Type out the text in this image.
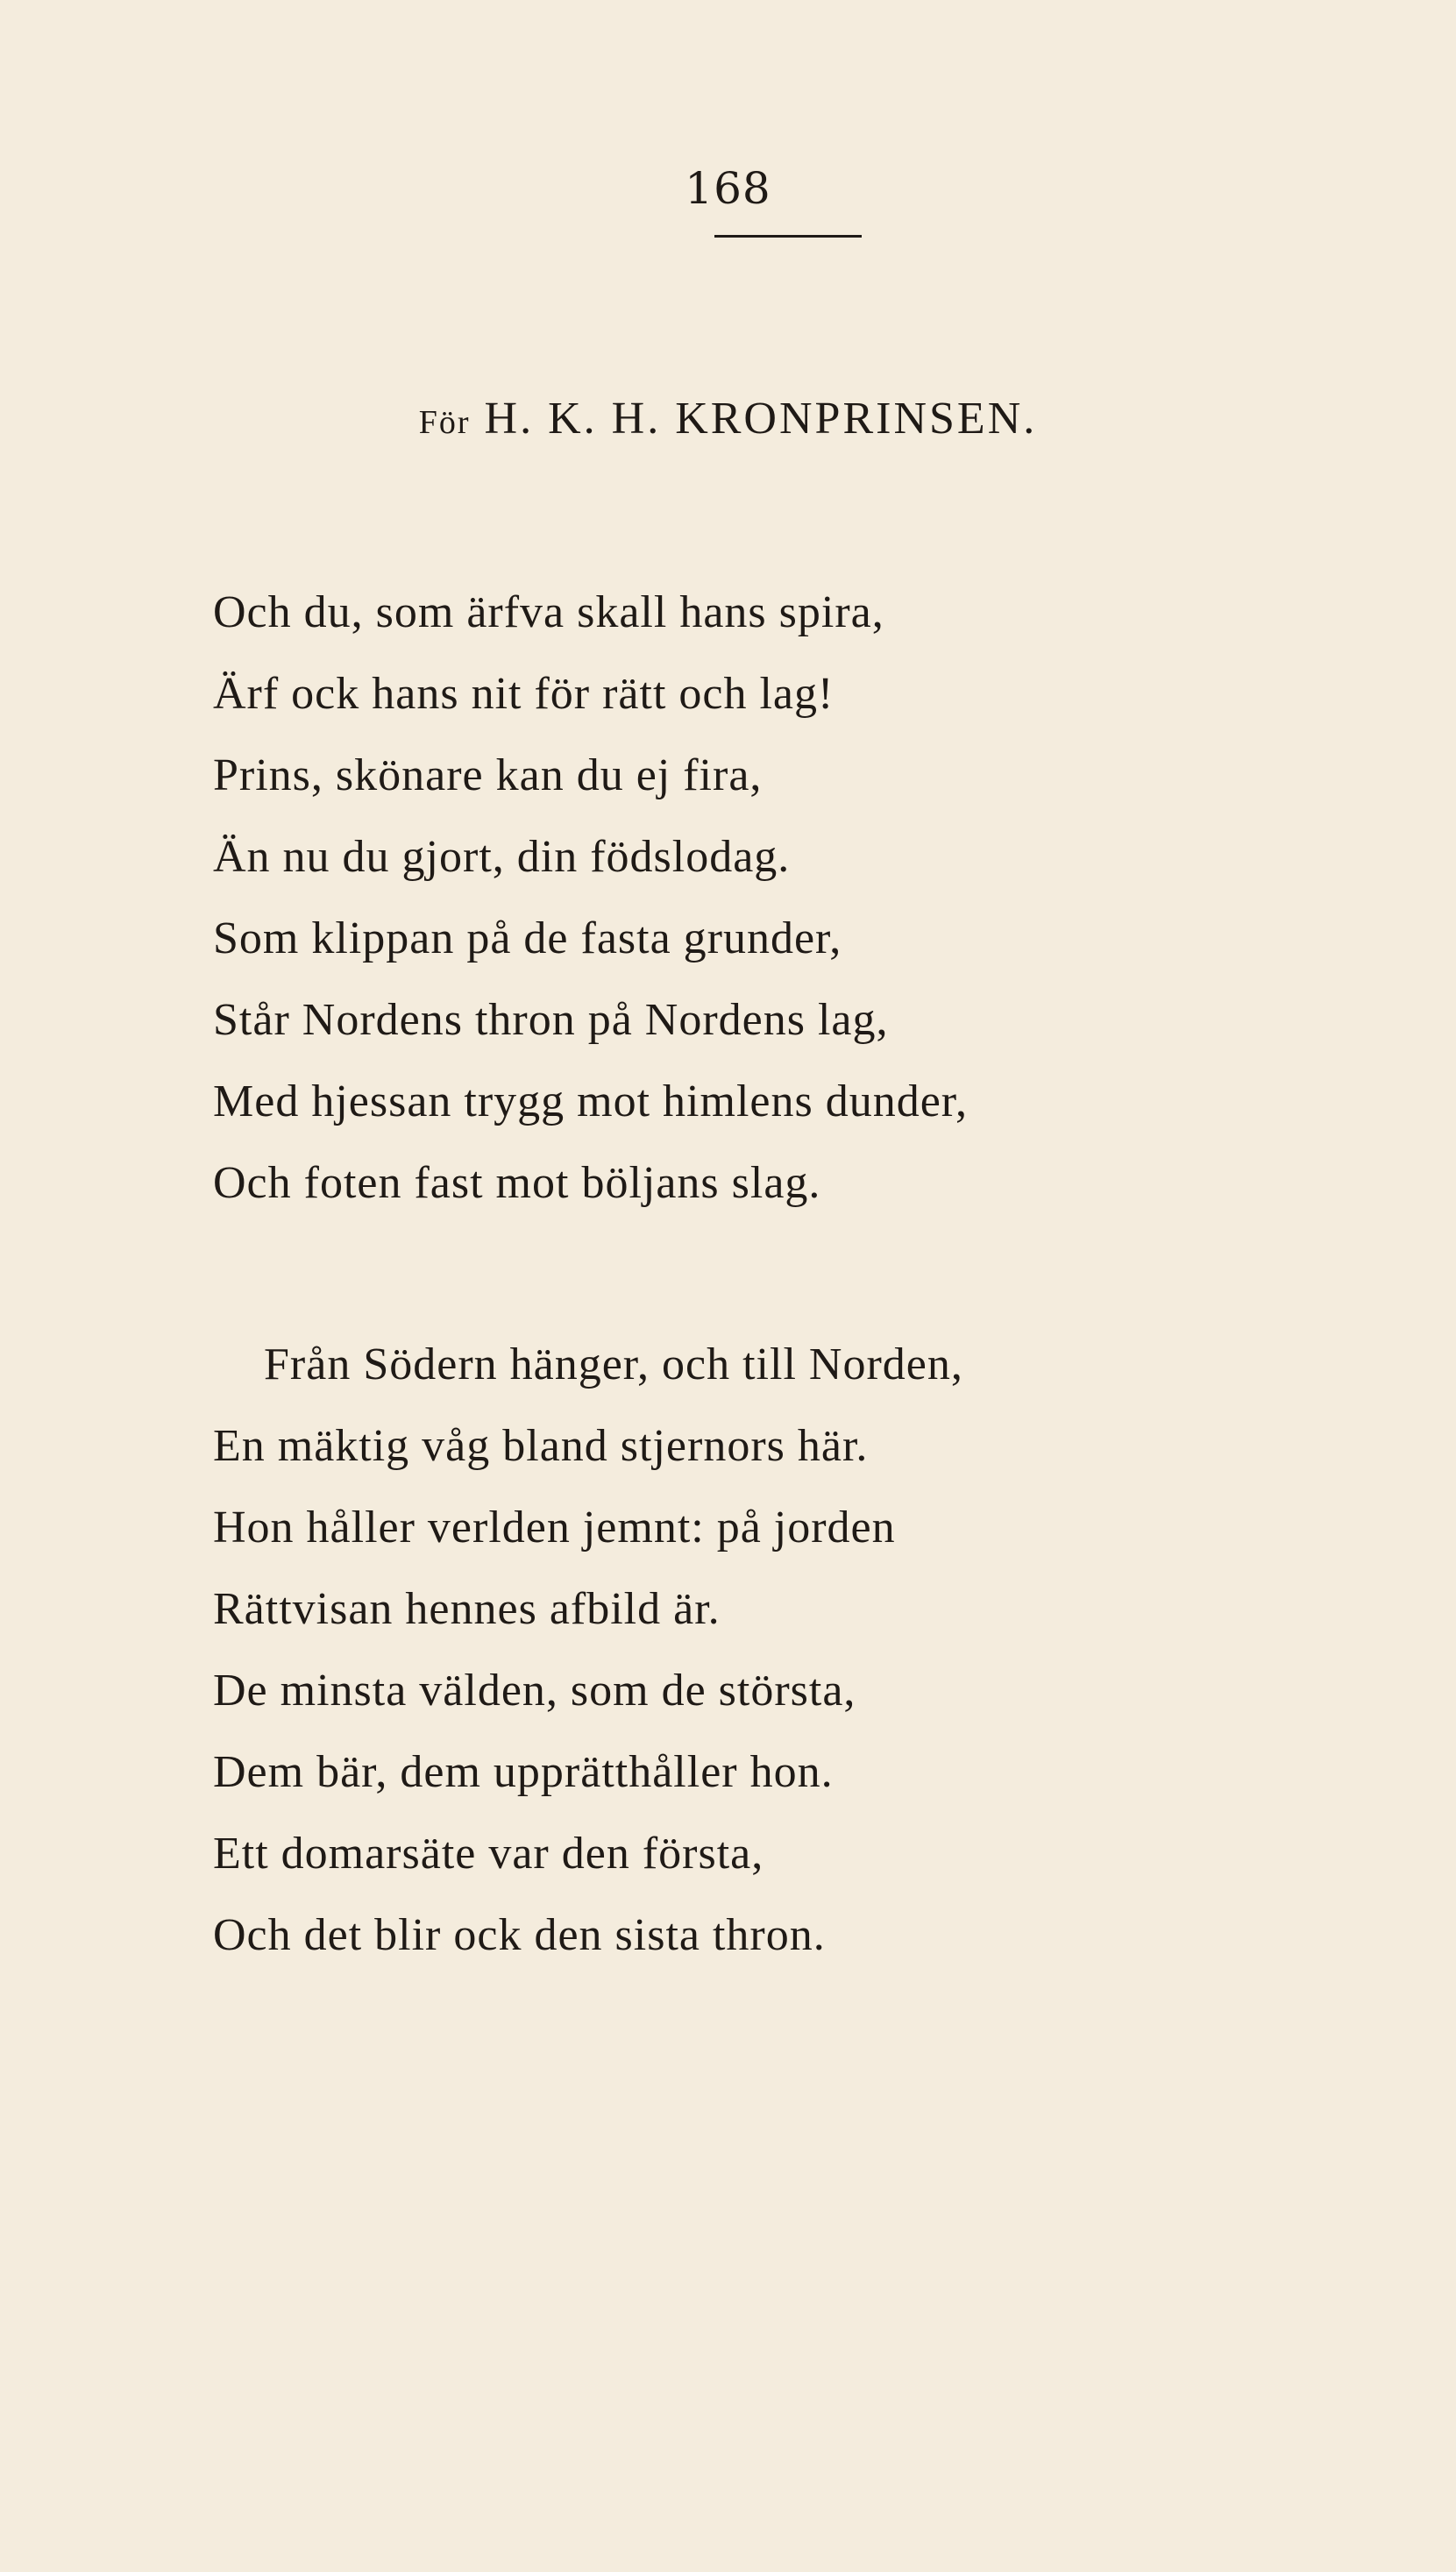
168
För H. K. H. KRONPRINSEN.
Och du, som ärfva skall hans spira,
Ärf ock hans nit för rätt och lag!
Prins, skönare kan du ej fira,
Än nu du gjort, din födslodag.
Som klippan på de fasta grunder,
Står Nordens thron på Nordens lag,
Med hjessan trygg mot himlens dunder,
Och foten fast mot böljans slag.
Från Södern hänger, och till Norden,
En mäktig våg bland stjernors här.
Hon håller verlden jemnt: på jorden
Rättvisan hennes afbild är.
De minsta välden, som de största,
Dem bär, dem upprätthåller hon.
Ett domarsäte var den första,
Och det blir ock den sista thron.
